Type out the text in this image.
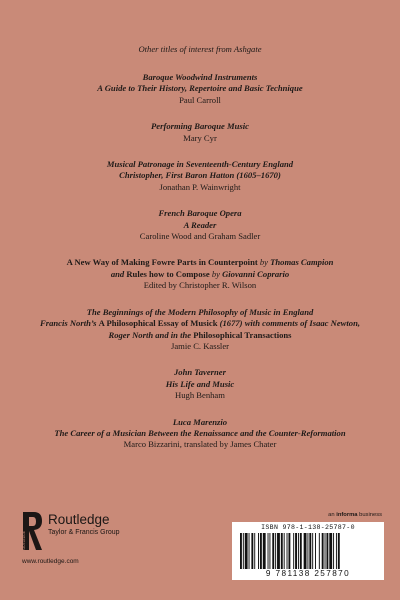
Other titles of interest from Ashgate
Baroque Woodwind Instruments
A Guide to Their History, Repertoire and Basic Technique
Paul Carroll
Performing Baroque Music
Mary Cyr
Musical Patronage in Seventeenth-Century England
Christopher, First Baron Hatton (1605–1670)
Jonathan P. Wainwright
French Baroque Opera
A Reader
Caroline Wood and Graham Sadler
A New Way of Making Fowre Parts in Counterpoint by Thomas Campion
and Rules how to Compose by Giovanni Coprario
Edited by Christopher R. Wilson
The Beginnings of the Modern Philosophy of Music in England
Francis North’s A Philosophical Essay of Musick (1677) with comments of Isaac Newton,
Roger North and in the Philosophical Transactions
Jamie C. Kassler
John Taverner
His Life and Music
Hugh Benham
Luca Marenzio
The Career of a Musician Between the Renaissance and the Counter-Reformation
Marco Bizzarini, translated by James Chater
ROUTLEDGE
Routledge
Taylor & Francis Group
www.routledge.com
an informa business
ISBN 978-1-138-25787-0
9 781138 257870
